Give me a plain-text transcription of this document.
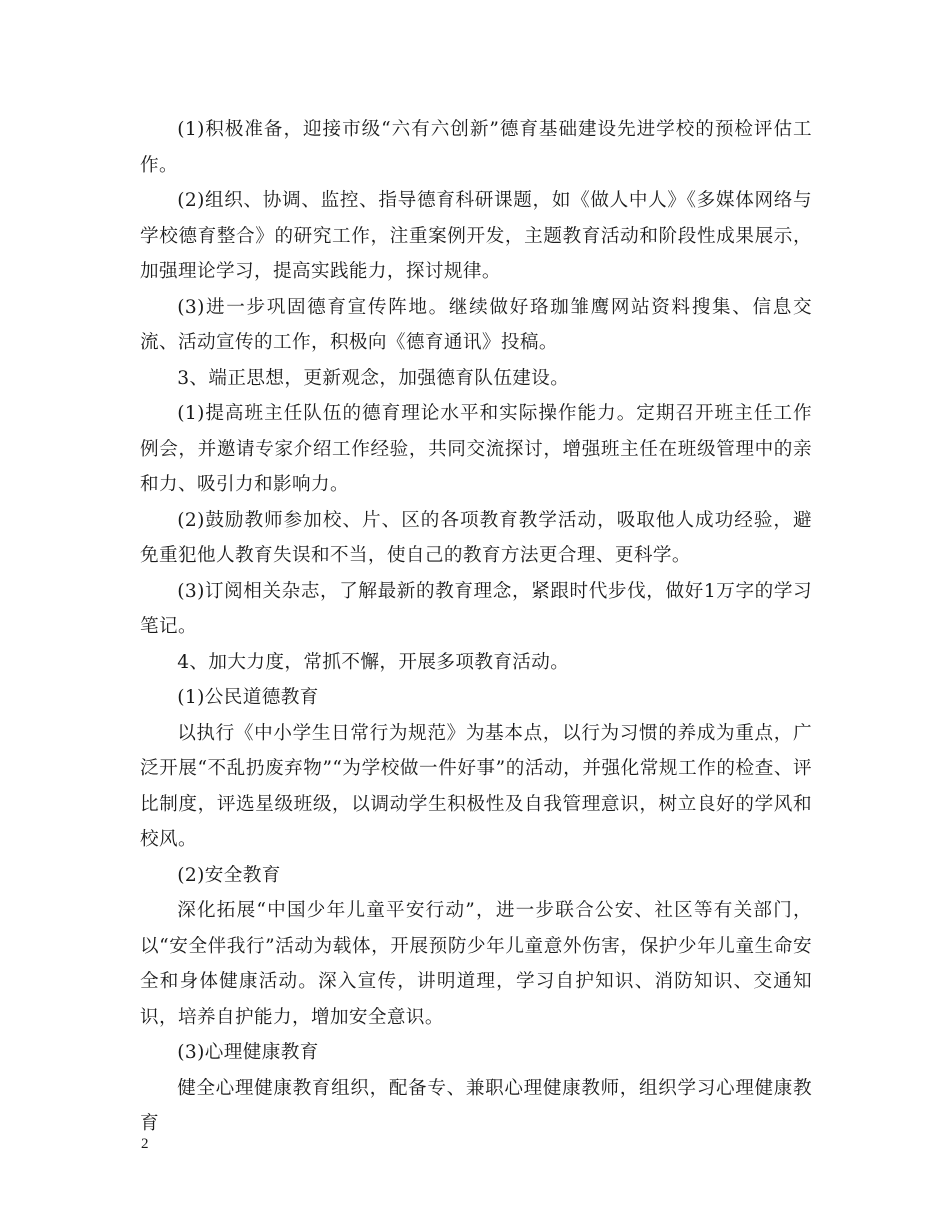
(1)积极准备，迎接市级“六有六创新”德育基础建设先进学校的预检评估工作。

(2)组织、协调、监控、指导德育科研课题，如《做人中人》《多媒体网络与学校德育整合》的研究工作，注重案例开发，主题教育活动和阶段性成果展示，加强理论学习，提高实践能力，探讨规律。

(3)进一步巩固德育宣传阵地。继续做好珞珈雏鹰网站资料搜集、信息交流、活动宣传的工作，积极向《德育通讯》投稿。

3、端正思想，更新观念，加强德育队伍建设。

(1)提高班主任队伍的德育理论水平和实际操作能力。定期召开班主任工作例会，并邀请专家介绍工作经验，共同交流探讨，增强班主任在班级管理中的亲和力、吸引力和影响力。

(2)鼓励教师参加校、片、区的各项教育教学活动，吸取他人成功经验，避免重犯他人教育失误和不当，使自己的教育方法更合理、更科学。

(3)订阅相关杂志，了解最新的教育理念，紧跟时代步伐，做好1万字的学习笔记。

4、加大力度，常抓不懈，开展多项教育活动。

(1)公民道德教育

以执行《中小学生日常行为规范》为基本点，以行为习惯的养成为重点，广泛开展“不乱扔废弃物”“为学校做一件好事”的活动，并强化常规工作的检查、评比制度，评选星级班级，以调动学生积极性及自我管理意识，树立良好的学风和校风。

(2)安全教育

深化拓展“中国少年儿童平安行动”，进一步联合公安、社区等有关部门，以“安全伴我行”活动为载体，开展预防少年儿童意外伤害，保护少年儿童生命安全和身体健康活动。深入宣传，讲明道理，学习自护知识、消防知识、交通知识，培养自护能力，增加安全意识。

(3)心理健康教育

健全心理健康教育组织，配备专、兼职心理健康教师，组织学习心理健康教育

2
